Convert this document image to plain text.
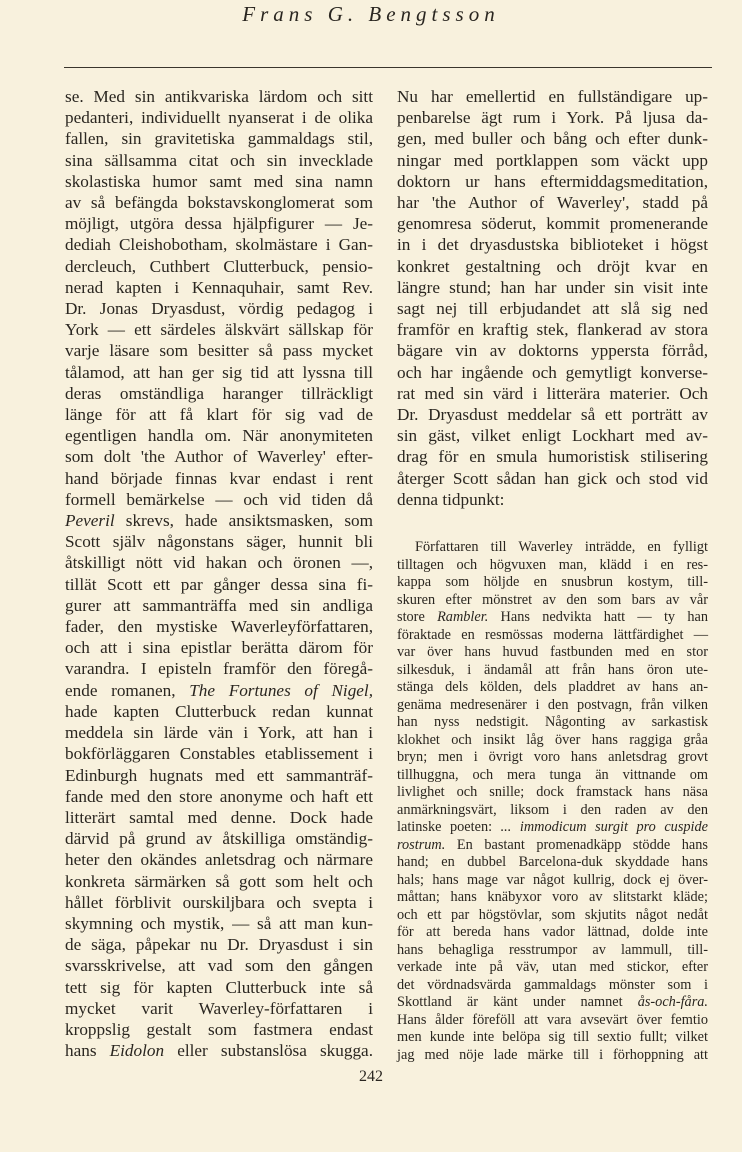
Frans G. Bengtsson
se. Med sin antikvariska lärdom och sitt
pedanteri, individuellt nyanserat i de olika
fallen, sin gravitetiska gammaldags stil,
sina sällsamma citat och sin invecklade
skolastiska humor samt med sina namn
av så befängda bokstavskonglomerat som
möjligt, utgöra dessa hjälpfigurer — Je-
dediah Cleishobotham, skolmästare i Gan-
dercleuch, Cuthbert Clutterbuck, pensio-
nerad kapten i Kennaquhair, samt Rev.
Dr. Jonas Dryasdust, vördig pedagog i
York — ett särdeles älskvärt sällskap för
varje läsare som besitter så pass mycket
tålamod, att han ger sig tid att lyssna till
deras omständliga haranger tillräckligt
länge för att få klart för sig vad de
egentligen handla om. När anonymiteten
som dolt 'the Author of Waverley' efter-
hand började finnas kvar endast i rent
formell bemärkelse — och vid tiden då
Peveril skrevs, hade ansiktsmasken, som
Scott själv någonstans säger, hunnit bli
åtskilligt nött vid hakan och öronen —,
tillät Scott ett par gånger dessa sina fi-
gurer att sammanträffa med sin andliga
fader, den mystiske Waverleyförfattaren,
och att i sina epistlar berätta därom för
varandra. I episteln framför den föregå-
ende romanen, The Fortunes of Nigel,
hade kapten Clutterbuck redan kunnat
meddela sin lärde vän i York, att han i
bokförläggaren Constables etablissement i
Edinburgh hugnats med ett sammanträf-
fande med den store anonyme och haft ett
litterärt samtal med denne. Dock hade
därvid på grund av åtskilliga omständig-
heter den okändes anletsdrag och närmare
konkreta särmärken så gott som helt och
hållet förblivit ourskiljbara och svepta i
skymning och mystik, — så att man kun-
de säga, påpekar nu Dr. Dryasdust i sin
svarsskrivelse, att vad som den gången
tett sig för kapten Clutterbuck inte så
mycket varit Waverley-författaren i
kroppslig gestalt som fastmera endast
hans Eidolon eller substanslösa skugga.
Nu har emellertid en fullständigare up-
penbarelse ägt rum i York. På ljusa da-
gen, med buller och bång och efter dunk-
ningar med portklappen som väckt upp
doktorn ur hans eftermiddagsmeditation,
har 'the Author of Waverley', stadd på
genomresa söderut, kommit promenerande
in i det dryasdustska biblioteket i högst
konkret gestaltning och dröjt kvar en
längre stund; han har under sin visit inte
sagt nej till erbjudandet att slå sig ned
framför en kraftig stek, flankerad av stora
bägare vin av doktorns yppersta förråd,
och har ingående och gemytligt konverse-
rat med sin värd i litterära materier. Och
Dr. Dryasdust meddelar så ett porträtt av
sin gäst, vilket enligt Lockhart med av-
drag för en smula humoristisk stilisering
återger Scott sådan han gick och stod vid
denna tidpunkt:
Författaren till Waverley inträdde, en fylligt
tilltagen och högvuxen man, klädd i en res-
kappa som höljde en snusbrun kostym, till-
skuren efter mönstret av den som bars av vår
store Rambler. Hans nedvikta hatt — ty han
föraktade en resmössas moderna lättfärdighet —
var över hans huvud fastbunden med en stor
silkesduk, i ändamål att från hans öron ute-
stänga dels kölden, dels pladdret av hans an-
genäma medresenärer i den postvagn, från vilken
han nyss nedstigit. Någonting av sarkastisk
klokhet och insikt låg över hans raggiga gråa
bryn; men i övrigt voro hans anletsdrag grovt
tillhuggna, och mera tunga än vittnande om
livlighet och snille; dock framstack hans näsa
anmärkningsvärt, liksom i den raden av den
latinske poeten: ... immodicum surgit pro cuspide
rostrum. En bastant promenadkäpp stödde hans
hand; en dubbel Barcelona-duk skyddade hans
hals; hans mage var något kullrig, dock ej över-
måttan; hans knäbyxor voro av slitstarkt kläde;
och ett par högstövlar, som skjutits något nedåt
för att bereda hans vador lättnad, dolde inte
hans behagliga resstrumpor av lammull, till-
verkade inte på väv, utan med stickor, efter
det vördnadsvärda gammaldags mönster som i
Skottland är känt under namnet ås-och-fåra.
Hans ålder föreföll att vara avsevärt över femtio
men kunde inte belöpa sig till sextio fullt; vilket
jag med nöje lade märke till i förhoppning att
242
